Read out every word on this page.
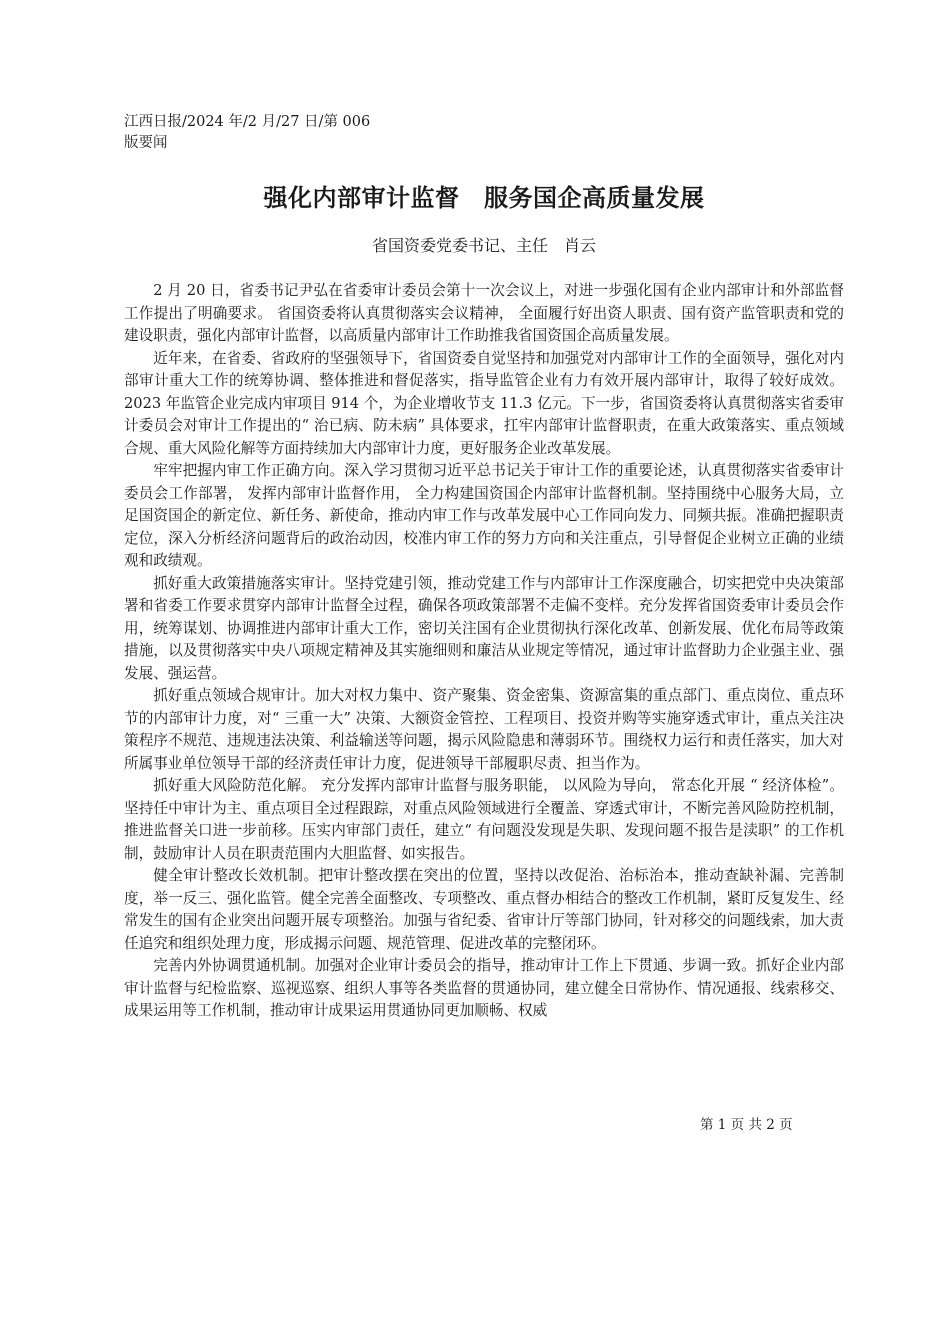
江西日报/2024 年/2 月/27 日/第 006

版要闻

强化内部审计监督　服务国企高质量发展

省国资委党委书记、主任　肖云

2 月 20 日，省委书记尹弘在省委审计委员会第十一次会议上，对进一步强化国有企业内部审计和外部监督工作提出了明确要求。 省国资委将认真贯彻落实会议精神， 全面履行好出资人职责、国有资产监管职责和党的建设职责，强化内部审计监督，以高质量内部审计工作助推我省国资国企高质量发展。

近年来，在省委、省政府的坚强领导下，省国资委自觉坚持和加强党对内部审计工作的全面领导，强化对内部审计重大工作的统筹协调、整体推进和督促落实，指导监管企业有力有效开展内部审计，取得了较好成效。2023 年监管企业完成内审项目 914 个，为企业增收节支 11.3 亿元。下一步，省国资委将认真贯彻落实省委审计委员会对审计工作提出的“ 治已病、防未病” 具体要求，扛牢内部审计监督职责，在重大政策落实、重点领域合规、重大风险化解等方面持续加大内部审计力度，更好服务企业改革发展。

牢牢把握内审工作正确方向。深入学习贯彻习近平总书记关于审计工作的重要论述，认真贯彻落实省委审计委员会工作部署， 发挥内部审计监督作用， 全力构建国资国企内部审计监督机制。坚持围绕中心服务大局，立足国资国企的新定位、新任务、新使命，推动内审工作与改革发展中心工作同向发力、同频共振。准确把握职责定位，深入分析经济问题背后的政治动因，校准内审工作的努力方向和关注重点，引导督促企业树立正确的业绩观和政绩观。

抓好重大政策措施落实审计。坚持党建引领，推动党建工作与内部审计工作深度融合，切实把党中央决策部署和省委工作要求贯穿内部审计监督全过程，确保各项政策部署不走偏不变样。充分发挥省国资委审计委员会作用，统筹谋划、协调推进内部审计重大工作，密切关注国有企业贯彻执行深化改革、创新发展、优化布局等政策措施，以及贯彻落实中央八项规定精神及其实施细则和廉洁从业规定等情况，通过审计监督助力企业强主业、强发展、强运营。

抓好重点领域合规审计。加大对权力集中、资产聚集、资金密集、资源富集的重点部门、重点岗位、重点环节的内部审计力度，对“ 三重一大” 决策、大额资金管控、工程项目、投资并购等实施穿透式审计，重点关注决策程序不规范、违规违法决策、利益输送等问题，揭示风险隐患和薄弱环节。围绕权力运行和责任落实，加大对所属事业单位领导干部的经济责任审计力度，促进领导干部履职尽责、担当作为。

抓好重大风险防范化解。 充分发挥内部审计监督与服务职能， 以风险为导向， 常态化开展 “ 经济体检”。坚持任中审计为主、重点项目全过程跟踪，对重点风险领域进行全覆盖、穿透式审计，不断完善风险防控机制，推进监督关口进一步前移。压实内审部门责任，建立“ 有问题没发现是失职、发现问题不报告是渎职” 的工作机制，鼓励审计人员在职责范围内大胆监督、如实报告。

健全审计整改长效机制。把审计整改摆在突出的位置，坚持以改促治、治标治本，推动查缺补漏、完善制度，举一反三、强化监管。健全完善全面整改、专项整改、重点督办相结合的整改工作机制，紧盯反复发生、经常发生的国有企业突出问题开展专项整治。加强与省纪委、省审计厅等部门协同，针对移交的问题线索，加大责任追究和组织处理力度，形成揭示问题、规范管理、促进改革的完整闭环。

完善内外协调贯通机制。加强对企业审计委员会的指导，推动审计工作上下贯通、步调一致。抓好企业内部审计监督与纪检监察、巡视巡察、组织人事等各类监督的贯通协同，建立健全日常协作、情况通报、线索移交、成果运用等工作机制，推动审计成果运用贯通协同更加顺畅、权威

第 1 页 共 2 页
